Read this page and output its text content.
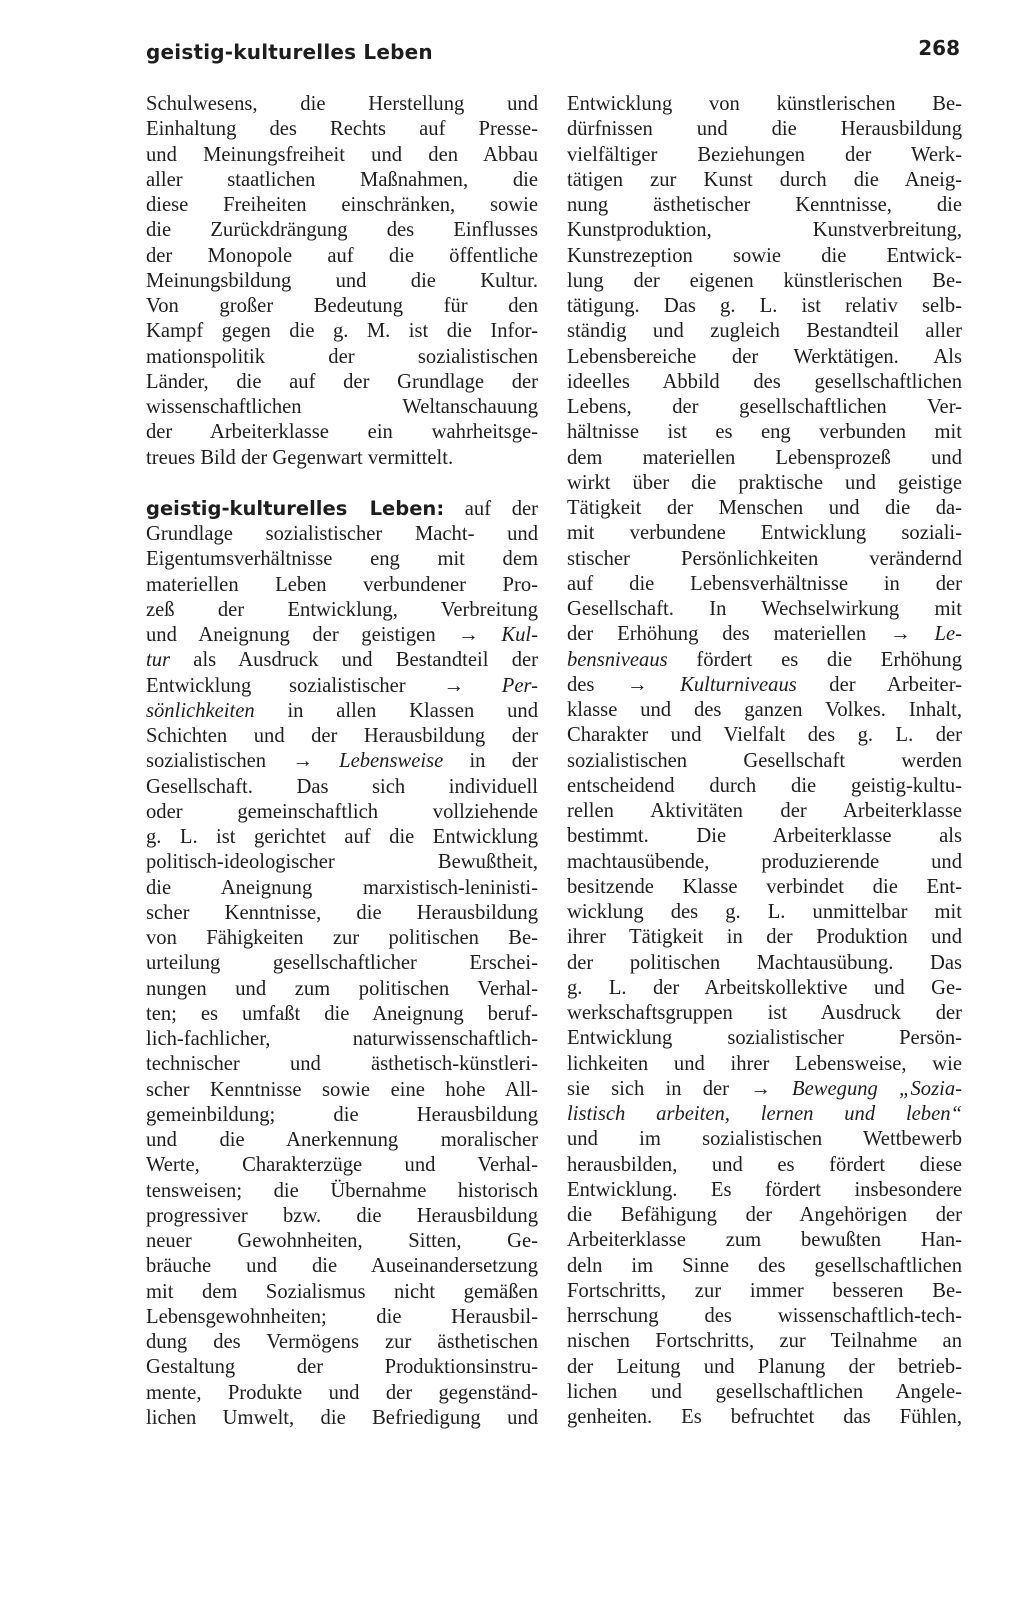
geistig-kulturelles Leben	268
Schulwesens, die Herstellung und
Einhaltung des Rechts auf Presse-
und Meinungsfreiheit und den Abbau
aller staatlichen Maßnahmen, die
diese Freiheiten einschränken, sowie
die Zurückdrängung des Einflusses
der Monopole auf die öffentliche
Meinungsbildung und die Kultur.
Von großer Bedeutung für den
Kampf gegen die g. M. ist die Infor-
mationspolitik der sozialistischen
Länder, die auf der Grundlage der
wissenschaftlichen Weltanschauung
der Arbeiterklasse ein wahrheitsge-
treues Bild der Gegenwart vermittelt.
geistig-kulturelles Leben: auf der
Grundlage sozialistischer Macht- und
Eigentumsverhältnisse eng mit dem
materiellen Leben verbundener Pro-
zeß der Entwicklung, Verbreitung
und Aneignung der geistigen → Kul-
tur als Ausdruck und Bestandteil der
Entwicklung sozialistischer → Per-
sönlichkeiten in allen Klassen und
Schichten und der Herausbildung der
sozialistischen → Lebensweise in der
Gesellschaft. Das sich individuell
oder gemeinschaftlich vollziehende
g. L. ist gerichtet auf die Entwicklung
politisch-ideologischer Bewußtheit,
die Aneignung marxistisch-leninisti-
scher Kenntnisse, die Herausbildung
von Fähigkeiten zur politischen Be-
urteilung gesellschaftlicher Erschei-
nungen und zum politischen Verhal-
ten; es umfaßt die Aneignung beruf-
lich-fachlicher, naturwissenschaftlich-
technischer und ästhetisch-künstleri-
scher Kenntnisse sowie eine hohe All-
gemeinbildung; die Herausbildung
und die Anerkennung moralischer
Werte, Charakterzüge und Verhal-
tensweisen; die Übernahme historisch
progressiver bzw. die Herausbildung
neuer Gewohnheiten, Sitten, Ge-
bräuche und die Auseinandersetzung
mit dem Sozialismus nicht gemäßen
Lebensgewohnheiten; die Herausbil-
dung des Vermögens zur ästhetischen
Gestaltung der Produktionsinstru-
mente, Produkte und der gegenständ-
lichen Umwelt, die Befriedigung und
Entwicklung von künstlerischen Be-
dürfnissen und die Herausbildung
vielfältiger Beziehungen der Werk-
tätigen zur Kunst durch die Aneig-
nung ästhetischer Kenntnisse, die
Kunstproduktion, Kunstverbreitung,
Kunstrezeption sowie die Entwick-
lung der eigenen künstlerischen Be-
tätigung. Das g. L. ist relativ selb-
ständig und zugleich Bestandteil aller
Lebensbereiche der Werktätigen. Als
ideelles Abbild des gesellschaftlichen
Lebens, der gesellschaftlichen Ver-
hältnisse ist es eng verbunden mit
dem materiellen Lebensprozeß und
wirkt über die praktische und geistige
Tätigkeit der Menschen und die da-
mit verbundene Entwicklung soziali-
stischer Persönlichkeiten verändernd
auf die Lebensverhältnisse in der
Gesellschaft. In Wechselwirkung mit
der Erhöhung des materiellen → Le-
bensniveaus fördert es die Erhöhung
des → Kulturniveaus der Arbeiter-
klasse und des ganzen Volkes. Inhalt,
Charakter und Vielfalt des g. L. der
sozialistischen Gesellschaft werden
entscheidend durch die geistig-kultu-
rellen Aktivitäten der Arbeiterklasse
bestimmt. Die Arbeiterklasse als
machtausübende, produzierende und
besitzende Klasse verbindet die Ent-
wicklung des g. L. unmittelbar mit
ihrer Tätigkeit in der Produktion und
der politischen Machtausübung. Das
g. L. der Arbeitskollektive und Ge-
werkschaftsgruppen ist Ausdruck der
Entwicklung sozialistischer Persön-
lichkeiten und ihrer Lebensweise, wie
sie sich in der → Bewegung „Sozia-
listisch arbeiten, lernen und leben“
und im sozialistischen Wettbewerb
herausbilden, und es fördert diese
Entwicklung. Es fördert insbesondere
die Befähigung der Angehörigen der
Arbeiterklasse zum bewußten Han-
deln im Sinne des gesellschaftlichen
Fortschritts, zur immer besseren Be-
herrschung des wissenschaftlich-tech-
nischen Fortschritts, zur Teilnahme an
der Leitung und Planung der betrieb-
lichen und gesellschaftlichen Angele-
genheiten. Es befruchtet das Fühlen,
